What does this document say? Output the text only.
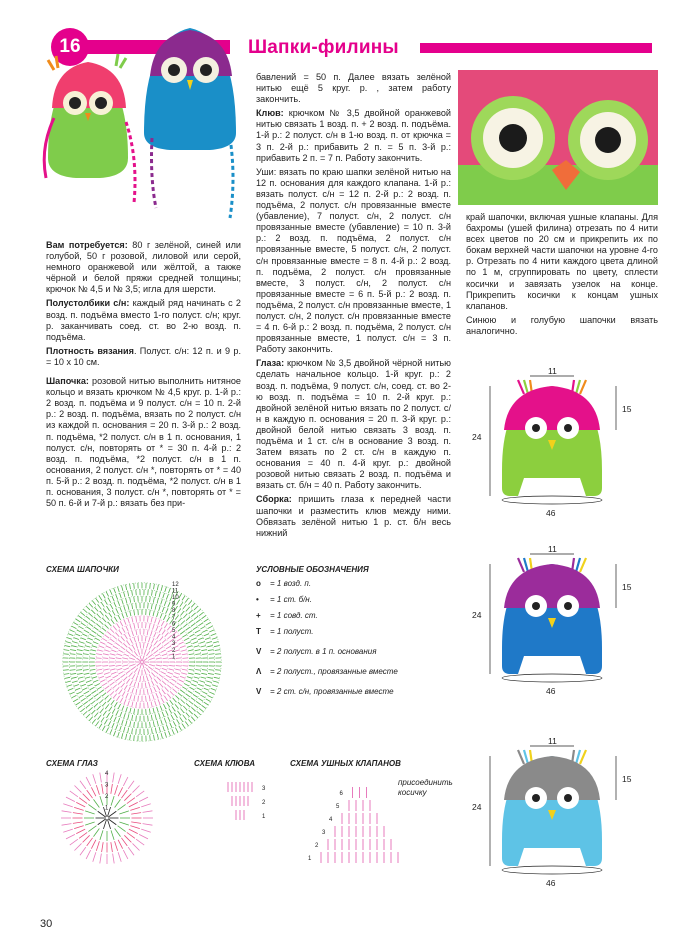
16	Шапки-филины

Вам потребуется: 80 г зелёной, синей или голубой, 50 г розовой, лиловой или серой, немного оранжевой или жёлтой, а также чёрной и белой пряжи средней толщины; крючок № 4,5 и № 3,5; игла для шерсти.

Полустолбики с/н: каждый ряд начинать с 2 возд. п. подъёма вместо 1-го полуст. с/н; круг. р. заканчивать соед. ст. во 2-ю возд. п. подъёма.

Плотность вязания. Полуст. с/н: 12 п. и 9 р. = 10 х 10 см.

Шапочка: розовой нитью выполнить нитяное кольцо и вязать крючком № 4,5 круг. р. 1-й р.: 2 возд. п. подъёма и 9 полуст. с/н = 10 п. 2-й р.: 2 возд. п. подъёма, вязать по 2 полуст. с/н из каждой п. основания = 20 п. 3-й р.: 2 возд. п. подъёма, *2 полуст. с/н в 1 п. основания, 1 полуст. с/н, повторять от * = 30 п. 4-й р.: 2 возд. п. подъёма, *2 полуст. с/н в 1 п. основания, 2 полуст. с/н *, повторять от * = 40 п. 5-й р.: 2 возд. п. подъёма, *2 полуст. с/н в 1 п. основания, 3 полуст. с/н *, повторять от * = 50 п. 6-й и 7-й р.: вязать без при-

бавлений = 50 п. Далее вязать зелёной нитью ещё 5 круг. р. , затем работу закончить.

Клюв: крючком № 3,5 двойной оранжевой нитью связать 1 возд. п. + 2 возд. п. подъёма. 1-й р.: 2 полуст. с/н в 1-ю возд. п. от крючка = 3 п. 2-й р.: прибавить 2 п. = 5 п. 3-й р.: прибавить 2 п. = 7 п. Работу закончить.

Уши: вязать по краю шапки зелёной нитью на 12 п. основания для каждого клапана. 1-й р.: вязать полуст. с/н = 12 п. 2-й р.: 2 возд. п. подъёма, 2 полуст. с/н провязанные вместе (убавление), 7 полуст. с/н, 2 полуст. с/н провязанные вместе (убавление) = 10 п. 3-й р.: 2 возд. п. подъёма, 2 полуст. с/н провязанные вместе, 5 полуст. с/н, 2 полуст. с/н провязанные вместе = 8 п. 4-й р.: 2 возд. п. подъёма, 2 полуст. с/н провязанные вместе, 3 полуст. с/н, 2 полуст. с/н провязанные вместе = 6 п. 5-й р.: 2 возд. п. подъёма, 2 полуст. с/н провязанные вместе, 1 полуст. с/н, 2 полуст. с/н провязанные вместе = 4 п. 6-й р.: 2 возд. п. подъёма, 2 полуст. с/н провязанные вместе, 1 полуст. с/н = 3 п. Работу закончить.

Глаза: крючком № 3,5 двойной чёрной нитью сделать начальное кольцо. 1-й круг. р.: 2 возд. п. подъёма, 9 полуст. с/н, соед. ст. во 2-ю возд. п. подъёма = 10 п. 2-й круг. р.: двойной зелёной нитью вязать по 2 полуст. с/н в каждую п. основания = 20 п. 3-й круг. р.: двойной белой нитью связать 3 возд. п. подъёма и 1 ст. с/н в основание 3 возд. п. Затем вязать по 2 ст. с/н в каждую п. основания = 40 п. 4-й круг. р.: двойной розовой нитью связать 2 возд. п. подъёма и вязать ст. б/н = 40 п. Работу закончить.

Сборка: пришить глаза к передней части шапочки и разместить клюв между ними. Обвязать зелёной нитью 1 р. ст. б/н весь нижний

край шапочки, включая ушные клапаны. Для бахромы (ушей филина) отрезать по 4 нити всех цветов по 20 см и прикрепить их по бокам верхней части шапочки на уровне 4-го р. Отрезать по 4 нити каждого цвета длиной по 1 м, сгруппировать по цвету, сплести косички и завязать узелок на конце. Прикрепить косички к концам ушных клапанов.

Синюю и голубую шапочки вязать аналогично.

СХЕМА ШАПОЧКИ
1
2
3
4
5
6
7
8
9
10
11
12
УСЛОВНЫЕ ОБОЗНАЧЕНИЯ
o = 1 возд. п.
• = 1 ст. б/н.
+ = 1 совд. ст.
T = 1 полуст.
V = 2 полуст. в 1 п. основания
Λ = 2 полуст., провязанные вместе
V = 2 ст. с/н, провязанные вместе
СХЕМА ГЛАЗ
1
2
3
4
СХЕМА КЛЮВА
3
2
1
СХЕМА УШНЫХ КЛАПАНОВ
1
2
3
4
5
6
присоединить косичку
11
15
24
46
11
15
24
46
11
15
24
46
30
